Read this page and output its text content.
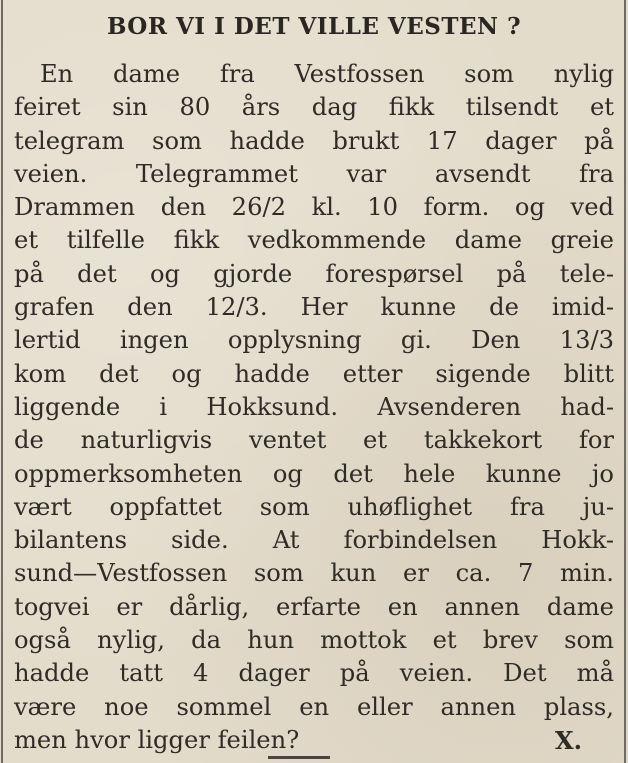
BOR VI I DET VILLE VESTEN ?
En dame fra Vestfossen som nylig
feiret sin 80 års dag fikk tilsendt et
telegram som hadde brukt 17 dager på
veien. Telegrammet var avsendt fra
Drammen den 26/2 kl. 10 form. og ved
et tilfelle fikk vedkommende dame greie
på det og gjorde forespørsel på tele-
grafen den 12/3. Her kunne de imid-
lertid ingen opplysning gi. Den 13/3
kom det og hadde etter sigende blitt
liggende i Hokksund. Avsenderen had-
de naturligvis ventet et takkekort for
oppmerksomheten og det hele kunne jo
vært oppfattet som uhøflighet fra ju-
bilantens side. At forbindelsen Hokk-
sund—Vestfossen som kun er ca. 7 min.
togvei er dårlig, erfarte en annen dame
også nylig, da hun mottok et brev som
hadde tatt 4 dager på veien. Det må
være noe sommel en eller annen plass,
men hvor ligger feilen?	X.
